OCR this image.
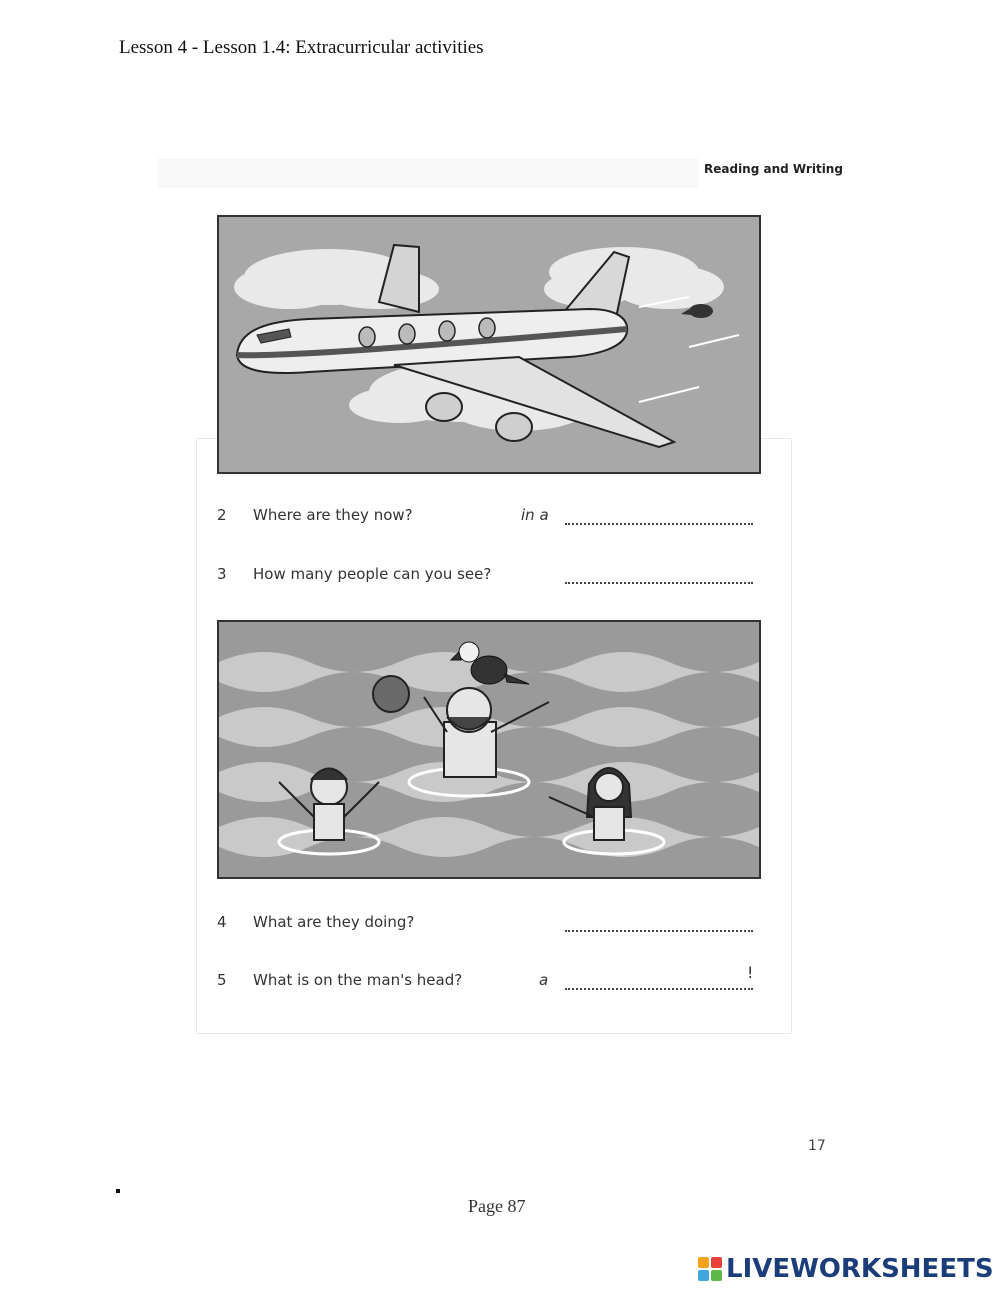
Lesson 4 - Lesson 1.4: Extracurricular activities
Reading and Writing
2 Where are they now?	in a
3 How many people can you see?
4 What are they doing?
5 What is on the man's head?	a	!
17
Page 87
LIVEWORKSHEETS
